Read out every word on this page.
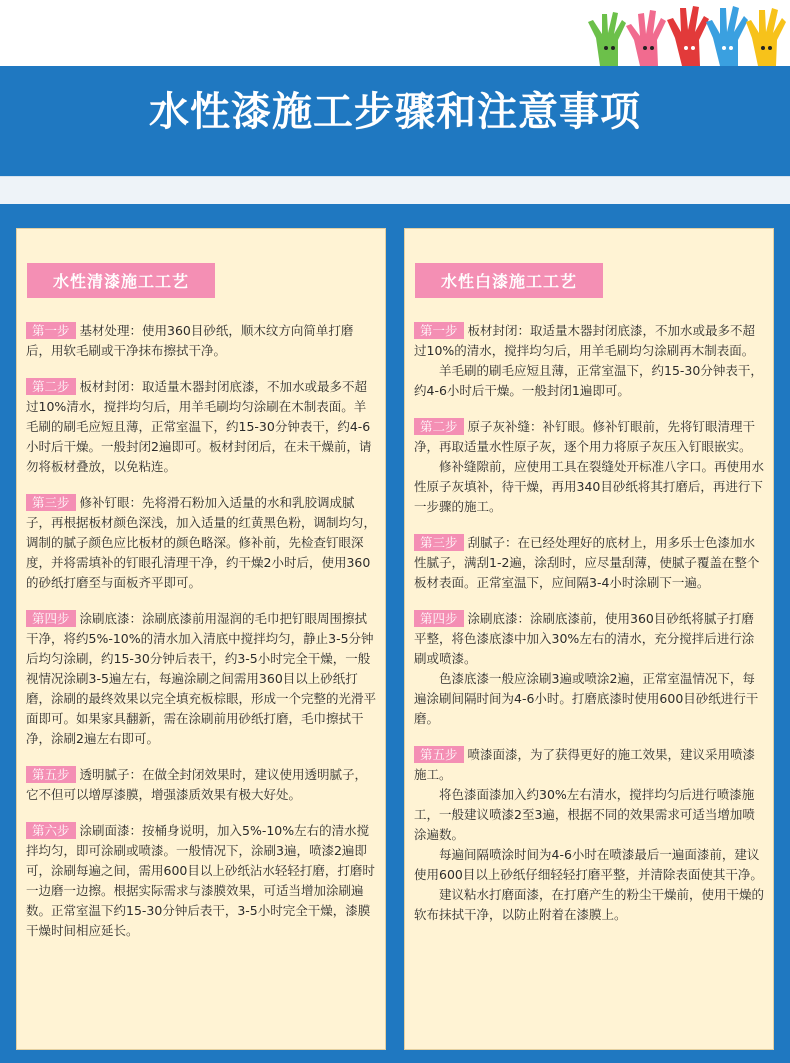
水性漆施工步骤和注意事项
水性清漆施工工艺
第一步 基材处理：使用360目砂纸，顺木纹方向简单打磨后，用软毛刷或干净抹布擦拭干净。
第二步 板材封闭：取适量木器封闭底漆，不加水或最多不超过10%清水，搅拌均匀后，用羊毛刷均匀涂刷在木制表面。羊毛刷的刷毛应短且薄，正常室温下，约15-30分钟表干，约4-6小时后干燥。一般封闭2遍即可。板材封闭后，在未干燥前，请勿将板材叠放，以免粘连。
第三步 修补钉眼：先将滑石粉加入适量的水和乳胶调成腻子，再根据板材颜色深浅，加入适量的红黄黑色粉，调制均匀，调制的腻子颜色应比板材的颜色略深。修补前，先检查钉眼深度，并将需填补的钉眼孔清理干净，约干燥2小时后，使用360的砂纸打磨至与面板齐平即可。
第四步 涂刷底漆：涂刷底漆前用湿润的毛巾把钉眼周围擦拭干净，将约5%-10%的清水加入清底中搅拌均匀，静止3-5分钟后均匀涂刷，约15-30分钟后表干，约3-5小时完全干燥，一般视情况涂刷3-5遍左右，每遍涂刷之间需用360目以上砂纸打磨，涂刷的最终效果以完全填充板棕眼，形成一个完整的光滑平面即可。如果家具翻新，需在涂刷前用砂纸打磨，毛巾擦拭干净，涂刷2遍左右即可。
第五步 透明腻子：在做全封闭效果时，建议使用透明腻子，它不但可以增厚漆膜，增强漆质效果有极大好处。
第六步 涂刷面漆：按桶身说明，加入5%-10%左右的清水搅拌均匀，即可涂刷或喷漆。一般情况下，涂刷3遍，喷漆2遍即可，涂刷每遍之间，需用600目以上砂纸沾水轻轻打磨，打磨时一边磨一边擦。根据实际需求与漆膜效果，可适当增加涂刷遍数。正常室温下约15-30分钟后表干，3-5小时完全干燥，漆膜干燥时间相应延长。
水性白漆施工工艺
第一步 板材封闭：取适量木器封闭底漆，不加水或最多不超过10%的清水，搅拌均匀后，用羊毛刷均匀涂刷再木制表面。
羊毛刷的刷毛应短且薄，正常室温下，约15-30分钟表干，约4-6小时后干燥。一般封闭1遍即可。
第二步 原子灰补缝：补钉眼。修补钉眼前，先将钉眼清理干净，再取适量水性原子灰，逐个用力将原子灰压入钉眼嵌实。
修补缝隙前，应使用工具在裂缝处开标准八字口。再使用水性原子灰填补，待干燥，再用340目砂纸将其打磨后，再进行下一步骤的施工。
第三步 刮腻子：在已经处理好的底材上，用多乐士色漆加水性腻子，满刮1-2遍，涂刮时，应尽量刮薄，使腻子覆盖在整个板材表面。正常室温下，应间隔3-4小时涂刷下一遍。
第四步 涂刷底漆：涂刷底漆前，使用360目砂纸将腻子打磨平整，将色漆底漆中加入30%左右的清水，充分搅拌后进行涂刷或喷漆。
色漆底漆一般应涂刷3遍或喷涂2遍，正常室温情况下，每遍涂刷间隔时间为4-6小时。打磨底漆时使用600目砂纸进行干磨。
第五步 喷漆面漆，为了获得更好的施工效果，建议采用喷漆施工。
将色漆面漆加入约30%左右清水，搅拌均匀后进行喷漆施工，一般建议喷漆2至3遍，根据不同的效果需求可适当增加喷涂遍数。
每遍间隔喷涂时间为4-6小时在喷漆最后一遍面漆前，建议使用600目以上砂纸仔细轻轻打磨平整，并清除表面使其干净。
建议粘水打磨面漆，在打磨产生的粉尘干燥前，使用干燥的软布抹拭干净，以防止附着在漆膜上。
